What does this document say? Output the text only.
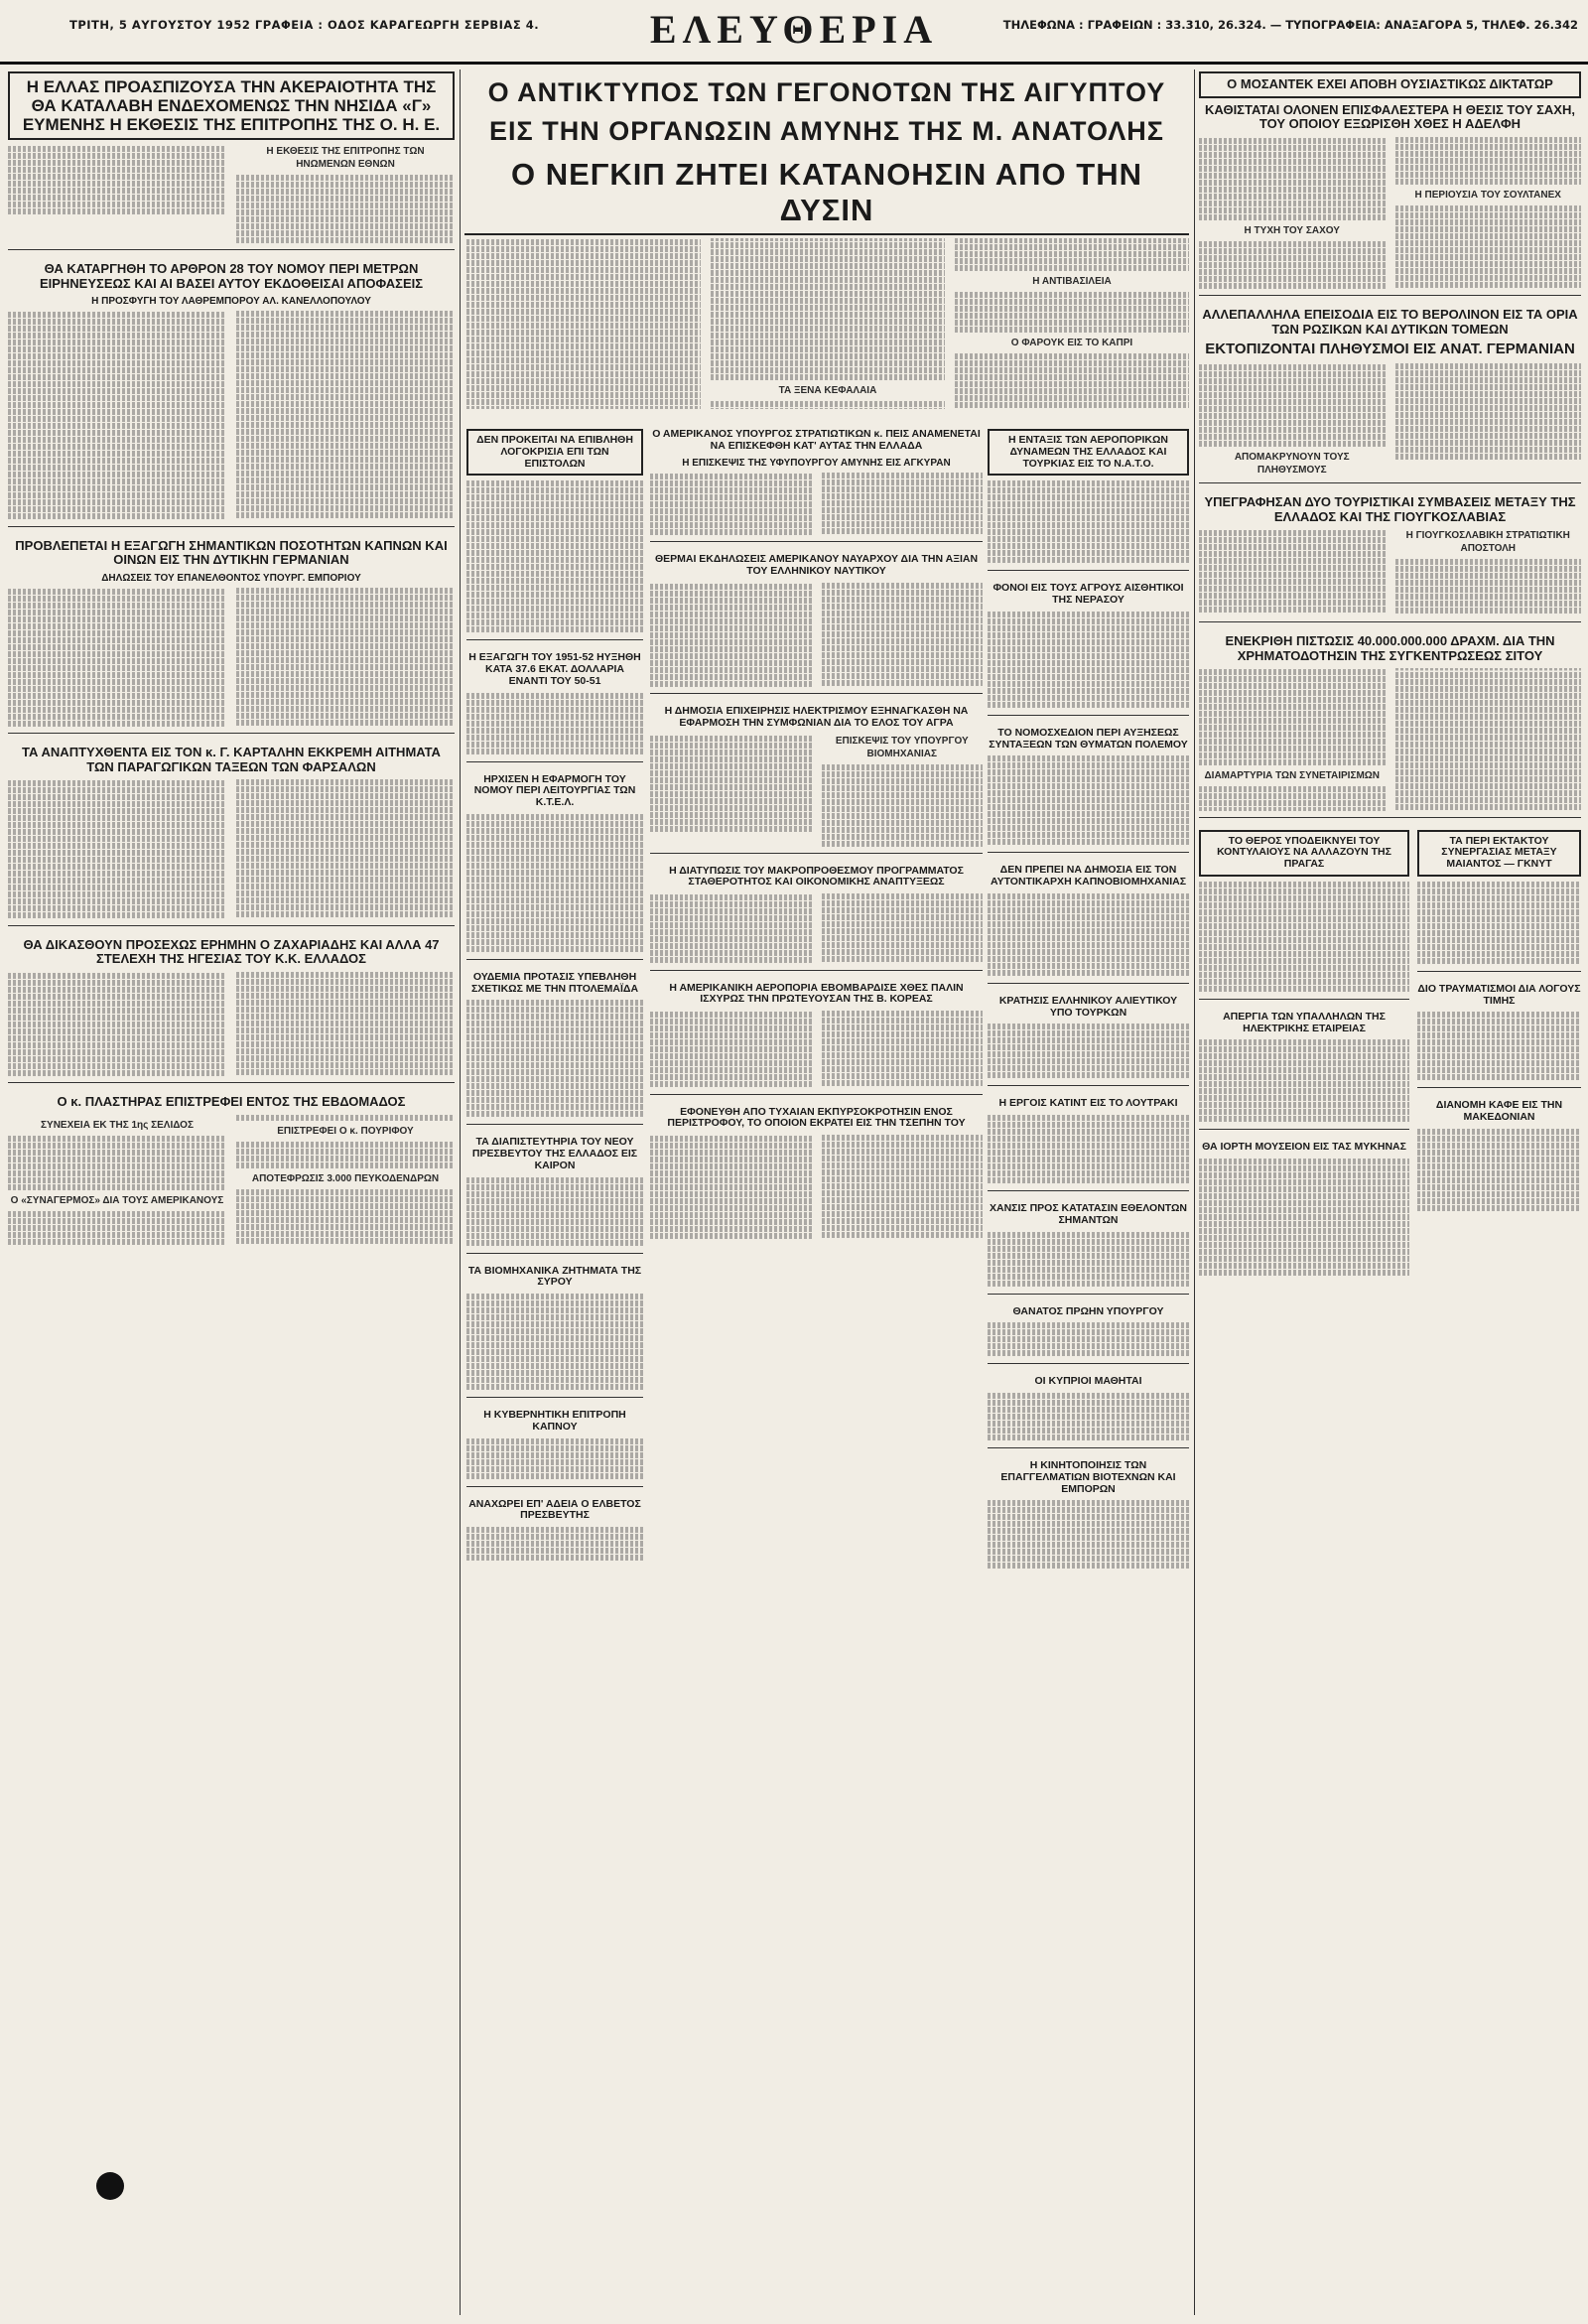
ΤΡΙΤΗ, 5 ΑΥΓΟΥΣΤΟΥ 1952 ΓΡΑΦΕΙΑ : ΟΔΟΣ ΚΑΡΑΓΕΩΡΓΗ ΣΕΡΒΙΑΣ 4.	ΕΛΕΥΘΕΡΙΑ	ΤΗΛΕΦΩΝΑ : ΓΡΑΦΕΙΩΝ : 33.310, 26.324. — ΤΥΠΟΓΡΑΦΕΙΑ: ΑΝΑΞΑΓΟΡΑ 5, ΤΗΛΕΦ. 26.342
Η ΕΛΛΑΣ ΠΡΟΑΣΠΙΖΟΥΣΑ ΤΗΝ ΑΚΕΡΑΙΟΤΗΤΑ ΤΗΣ ΘΑ ΚΑΤΑΛΑΒΗ ΕΝΔΕΧΟΜΕΝΩΣ ΤΗΝ ΝΗΣΙΔΑ «Γ» ΕΥΜΕΝΗΣ Η ΕΚΘΕΣΙΣ ΤΗΣ ΕΠΙΤΡΟΠΗΣ ΤΗΣ Ο. Η. Ε.
Η ΕΚΘΕΣΙΣ ΤΗΣ ΕΠΙΤΡΟΠΗΣ ΤΩΝ ΗΝΩΜΕΝΩΝ ΕΘΝΩΝ
ΘΑ ΚΑΤΑΡΓΗΘΗ ΤΟ ΑΡΘΡΟΝ 28 ΤΟΥ ΝΟΜΟΥ ΠΕΡΙ ΜΕΤΡΩΝ ΕΙΡΗΝΕΥΣΕΩΣ ΚΑΙ ΑΙ ΒΑΣΕΙ ΑΥΤΟΥ ΕΚΔΟΘΕΙΣΑΙ ΑΠΟΦΑΣΕΙΣ
Η ΠΡΟΣΦΥΓΗ ΤΟΥ ΛΑΘΡΕΜΠΟΡΟΥ ΑΛ. ΚΑΝΕΛΛΟΠΟΥΛΟΥ
ΠΡΟΒΛΕΠΕΤΑΙ Η ΕΞΑΓΩΓΗ ΣΗΜΑΝΤΙΚΩΝ ΠΟΣΟΤΗΤΩΝ ΚΑΠΝΩΝ ΚΑΙ ΟΙΝΩΝ ΕΙΣ ΤΗΝ ΔΥΤΙΚΗΝ ΓΕΡΜΑΝΙΑΝ
ΔΗΛΩΣΕΙΣ ΤΟΥ ΕΠΑΝΕΛΘΟΝΤΟΣ ΥΠΟΥΡΓ. ΕΜΠΟΡΙΟΥ
ΤΑ ΑΝΑΠΤΥΧΘΕΝΤΑ ΕΙΣ ΤΟΝ κ. Γ. ΚΑΡΤΑΛΗΝ ΕΚΚΡΕΜΗ ΑΙΤΗΜΑΤΑ ΤΩΝ ΠΑΡΑΓΩΓΙΚΩΝ ΤΑΞΕΩΝ ΤΩΝ ΦΑΡΣΑΛΩΝ
ΘΑ ΔΙΚΑΣΘΟΥΝ ΠΡΟΣΕΧΩΣ ΕΡΗΜΗΝ Ο ΖΑΧΑΡΙΑΔΗΣ ΚΑΙ ΑΛΛΑ 47 ΣΤΕΛΕΧΗ ΤΗΣ ΗΓΕΣΙΑΣ ΤΟΥ Κ.Κ. ΕΛΛΑΔΟΣ
Ο κ. ΠΛΑΣΤΗΡΑΣ ΕΠΙΣΤΡΕΦΕΙ ΕΝΤΟΣ ΤΗΣ ΕΒΔΟΜΑΔΟΣ
ΣΥΝΕΧΕΙΑ ΕΚ ΤΗΣ 1ης ΣΕΛΙΔΟΣ
Ο «ΣΥΝΑΓΕΡΜΟΣ» ΔΙΑ ΤΟΥΣ ΑΜΕΡΙΚΑΝΟΥΣ
ΕΠΙΣΤΡΕΦΕΙ Ο κ. ΠΟΥΡΙΦΟΥ
ΑΠΟΤΕΦΡΩΣΙΣ 3.000 ΠΕΥΚΟΔΕΝΔΡΩΝ
Ο ΑΝΤΙΚΤΥΠΟΣ ΤΩΝ ΓΕΓΟΝΟΤΩΝ ΤΗΣ ΑΙΓΥΠΤΟΥ
ΕΙΣ ΤΗΝ ΟΡΓΑΝΩΣΙΝ ΑΜΥΝΗΣ ΤΗΣ Μ. ΑΝΑΤΟΛΗΣ
Ο ΝΕΓΚΙΠ ΖΗΤΕΙ ΚΑΤΑΝΟΗΣΙΝ ΑΠΟ ΤΗΝ ΔΥΣΙΝ
ΤΑ ΞΕΝΑ ΚΕΦΑΛΑΙΑ
Η ΑΝΤΙΒΑΣΙΛΕΙΑ
Ο ΦΑΡΟΥΚ ΕΙΣ ΤΟ ΚΑΠΡΙ
ΔΕΝ ΠΡΟΚΕΙΤΑΙ ΝΑ ΕΠΙΒΛΗΘΗ ΛΟΓΟΚΡΙΣΙΑ ΕΠΙ ΤΩΝ ΕΠΙΣΤΟΛΩΝ
Η ΕΞΑΓΩΓΗ ΤΟΥ 1951-52 ΗΥΞΗΘΗ ΚΑΤΑ 37.6 ΕΚΑΤ. ΔΟΛΛΑΡΙΑ ΕΝΑΝΤΙ ΤΟΥ 50-51
ΗΡΧΙΣΕΝ Η ΕΦΑΡΜΟΓΗ ΤΟΥ ΝΟΜΟΥ ΠΕΡΙ ΛΕΙΤΟΥΡΓΙΑΣ ΤΩΝ Κ.Τ.Ε.Λ.
ΟΥΔΕΜΙΑ ΠΡΟΤΑΣΙΣ ΥΠΕΒΛΗΘΗ ΣΧΕΤΙΚΩΣ ΜΕ ΤΗΝ ΠΤΟΛΕΜΑΪΔΑ
ΤΑ ΔΙΑΠΙΣΤΕΥΤΗΡΙΑ ΤΟΥ ΝΕΟΥ ΠΡΕΣΒΕΥΤΟΥ ΤΗΣ ΕΛΛΑΔΟΣ ΕΙΣ ΚΑΙΡΟΝ
ΤΑ ΒΙΟΜΗΧΑΝΙΚΑ ΖΗΤΗΜΑΤΑ ΤΗΣ ΣΥΡΟΥ
Η ΚΥΒΕΡΝΗΤΙΚΗ ΕΠΙΤΡΟΠΗ ΚΑΠΝΟΥ
ΑΝΑΧΩΡΕΙ ΕΠ' ΑΔΕΙΑ Ο ΕΛΒΕΤΟΣ ΠΡΕΣΒΕΥΤΗΣ
Ο ΑΜΕΡΙΚΑΝΟΣ ΥΠΟΥΡΓΟΣ ΣΤΡΑΤΙΩΤΙΚΩΝ κ. ΠΕΙΣ ΑΝΑΜΕΝΕΤΑΙ ΝΑ ΕΠΙΣΚΕΦΘΗ ΚΑΤ' ΑΥΤΑΣ ΤΗΝ ΕΛΛΑΔΑ
Η ΕΠΙΣΚΕΨΙΣ ΤΗΣ ΥΦΥΠΟΥΡΓΟΥ ΑΜΥΝΗΣ ΕΙΣ ΑΓΚΥΡΑΝ
ΘΕΡΜΑΙ ΕΚΔΗΛΩΣΕΙΣ ΑΜΕΡΙΚΑΝΟΥ ΝΑΥΑΡΧΟΥ ΔΙΑ ΤΗΝ ΑΞΙΑΝ ΤΟΥ ΕΛΛΗΝΙΚΟΥ ΝΑΥΤΙΚΟΥ
Η ΔΗΜΟΣΙΑ ΕΠΙΧΕΙΡΗΣΙΣ ΗΛΕΚΤΡΙΣΜΟΥ ΕΞΗΝΑΓΚΑΣΘΗ ΝΑ ΕΦΑΡΜΟΣΗ ΤΗΝ ΣΥΜΦΩΝΙΑΝ ΔΙΑ ΤΟ ΕΛΟΣ ΤΟΥ ΑΓΡΑ
ΕΠΙΣΚΕΨΙΣ ΤΟΥ ΥΠΟΥΡΓΟΥ ΒΙΟΜΗΧΑΝΙΑΣ
Η ΔΙΑΤΥΠΩΣΙΣ ΤΟΥ ΜΑΚΡΟΠΡΟΘΕΣΜΟΥ ΠΡΟΓΡΑΜΜΑΤΟΣ ΣΤΑΘΕΡΟΤΗΤΟΣ ΚΑΙ ΟΙΚΟΝΟΜΙΚΗΣ ΑΝΑΠΤΥΞΕΩΣ
Η ΑΜΕΡΙΚΑΝΙΚΗ ΑΕΡΟΠΟΡΙΑ ΕΒΟΜΒΑΡΔΙΣΕ ΧΘΕΣ ΠΑΛΙΝ ΙΣΧΥΡΩΣ ΤΗΝ ΠΡΩΤΕΥΟΥΣΑΝ ΤΗΣ Β. ΚΟΡΕΑΣ
ΕΦΟΝΕΥΘΗ ΑΠΟ ΤΥΧΑΙΑΝ ΕΚΠΥΡΣΟΚΡΟΤΗΣΙΝ ΕΝΟΣ ΠΕΡΙΣΤΡΟΦΟΥ, ΤΟ ΟΠΟΙΟΝ ΕΚΡΑΤΕΙ ΕΙΣ ΤΗΝ ΤΣΕΠΗΝ ΤΟΥ
Η ΕΝΤΑΞΙΣ ΤΩΝ ΑΕΡΟΠΟΡΙΚΩΝ ΔΥΝΑΜΕΩΝ ΤΗΣ ΕΛΛΑΔΟΣ ΚΑΙ ΤΟΥΡΚΙΑΣ ΕΙΣ ΤΟ Ν.Α.Τ.Ο.
ΦΟΝΟΙ ΕΙΣ ΤΟΥΣ ΑΓΡΟΥΣ ΑΙΣΘΗΤΙΚΟΙ ΤΗΣ ΝΕΡΑΣΟΥ
ΤΟ ΝΟΜΟΣΧΕΔΙΟΝ ΠΕΡΙ ΑΥΞΗΣΕΩΣ ΣΥΝΤΑΞΕΩΝ ΤΩΝ ΘΥΜΑΤΩΝ ΠΟΛΕΜΟΥ
ΔΕΝ ΠΡΕΠΕΙ ΝΑ ΔΗΜΟΣΙΑ ΕΙΣ ΤΟΝ ΑΥΤΟΝΤΙΚΑΡΧΗ ΚΑΠΝΟΒΙΟΜΗΧΑΝΙΑΣ
ΚΡΑΤΗΣΙΣ ΕΛΛΗΝΙΚΟΥ ΑΛΙΕΥΤΙΚΟΥ ΥΠΟ ΤΟΥΡΚΩΝ
Η ΕΡΓΟΙΣ ΚΑΤΙΝΤ ΕΙΣ ΤΟ ΛΟΥΤΡΑΚΙ
ΧΑΝΣΙΣ ΠΡΟΣ ΚΑΤΑΤΑΣΙΝ ΕΘΕΛΟΝΤΩΝ ΣΗΜΑΝΤΩΝ
ΘΑΝΑΤΟΣ ΠΡΩΗΝ ΥΠΟΥΡΓΟΥ
ΟΙ ΚΥΠΡΙΟΙ ΜΑΘΗΤΑΙ
Η ΚΙΝΗΤΟΠΟΙΗΣΙΣ ΤΩΝ ΕΠΑΓΓΕΛΜΑΤΙΩΝ ΒΙΟΤΕΧΝΩΝ ΚΑΙ ΕΜΠΟΡΩΝ
Ο ΜΟΣΑΝΤΕΚ ΕΧΕΙ ΑΠΟΒΗ ΟΥΣΙΑΣΤΙΚΩΣ ΔΙΚΤΑΤΩΡ
ΚΑΘΙΣΤΑΤΑΙ ΟΛΟΝΕΝ ΕΠΙΣΦΑΛΕΣΤΕΡΑ Η ΘΕΣΙΣ ΤΟΥ ΣΑΧΗ, ΤΟΥ ΟΠΟΙΟΥ ΕΞΩΡΙΣΘΗ ΧΘΕΣ Η ΑΔΕΛΦΗ
Η ΤΥΧΗ ΤΟΥ ΣΑΧΟΥ
Η ΠΕΡΙΟΥΣΙΑ ΤΟΥ ΣΟΥΛΤΑΝΕΧ
ΑΛΛΕΠΑΛΛΗΛΑ ΕΠΕΙΣΟΔΙΑ ΕΙΣ ΤΟ ΒΕΡΟΛΙΝΟΝ ΕΙΣ ΤΑ ΟΡΙΑ ΤΩΝ ΡΩΣΙΚΩΝ ΚΑΙ ΔΥΤΙΚΩΝ ΤΟΜΕΩΝ
ΕΚΤΟΠΙΖΟΝΤΑΙ ΠΛΗΘΥΣΜΟΙ ΕΙΣ ΑΝΑΤ. ΓΕΡΜΑΝΙΑΝ
ΑΠΟΜΑΚΡΥΝΟΥΝ ΤΟΥΣ ΠΛΗΘΥΣΜΟΥΣ
ΥΠΕΓΡΑΦΗΣΑΝ ΔΥΟ ΤΟΥΡΙΣΤΙΚΑΙ ΣΥΜΒΑΣΕΙΣ ΜΕΤΑΞΥ ΤΗΣ ΕΛΛΑΔΟΣ ΚΑΙ ΤΗΣ ΓΙΟΥΓΚΟΣΛΑΒΙΑΣ
Η ΓΙΟΥΓΚΟΣΛΑΒΙΚΗ ΣΤΡΑΤΙΩΤΙΚΗ ΑΠΟΣΤΟΛΗ
ΕΝΕΚΡΙΘΗ ΠΙΣΤΩΣΙΣ 40.000.000.000 ΔΡΑΧΜ. ΔΙΑ ΤΗΝ ΧΡΗΜΑΤΟΔΟΤΗΣΙΝ ΤΗΣ ΣΥΓΚΕΝΤΡΩΣΕΩΣ ΣΙΤΟΥ
ΔΙΑΜΑΡΤΥΡΙΑ ΤΩΝ ΣΥΝΕΤΑΙΡΙΣΜΩΝ
ΤΟ ΘΕΡΟΣ ΥΠΟΔΕΙΚΝΥΕΙ ΤΟΥ ΚΟΝΤΥΛΑΙΟΥΣ ΝΑ ΑΛΛΑΖΟΥΝ ΤΗΣ ΠΡΑΓΑΣ
ΑΠΕΡΓΙΑ ΤΩΝ ΥΠΑΛΛΗΛΩΝ ΤΗΣ ΗΛΕΚΤΡΙΚΗΣ ΕΤΑΙΡΕΙΑΣ
ΘΑ ΙΟΡΤΗ ΜΟΥΣΕΙΟΝ ΕΙΣ ΤΑΣ ΜΥΚΗΝΑΣ
ΤΑ ΠΕΡΙ ΕΚΤΑΚΤΟΥ ΣΥΝΕΡΓΑΣΙΑΣ ΜΕΤΑΞΥ ΜΑΙΑΝΤΟΣ — ΓΚΝΥΤ
ΔΙΟ ΤΡΑΥΜΑΤΙΣΜΟΙ ΔΙΑ ΛΟΓΟΥΣ ΤΙΜΗΣ
ΔΙΑΝΟΜΗ ΚΑΦΕ ΕΙΣ ΤΗΝ ΜΑΚΕΔΟΝΙΑΝ
